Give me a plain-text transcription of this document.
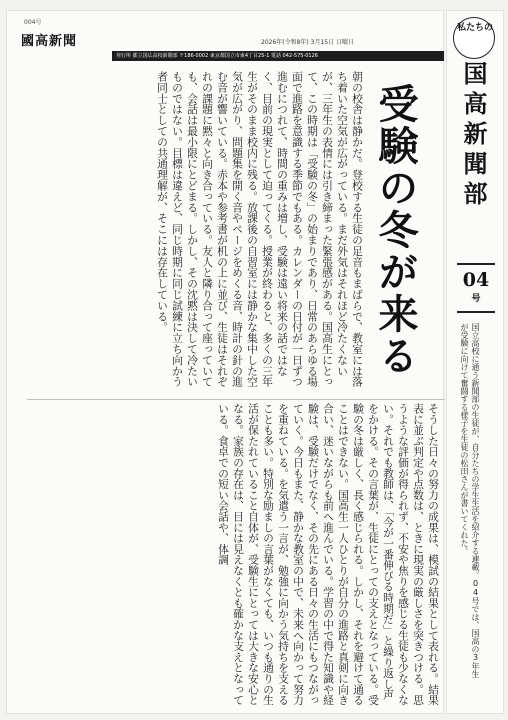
004号
國高新聞	2026年(令和8年) 3月15日 日曜日
発行所 都立国広高校新聞部 〒186-0002 東京都国立市東4丁目25-1 電話 042-575-0126
受験の冬が来る
朝の校舎は静かだ。登校する生徒の足音もまばらで、教室には落ち着いた空気が広がっている。まだ外気はそれほど冷たくないが、三年生の表情には引き締まった緊張感がある。国高生にとって、この時期は「受験の冬」の始まりであり、日常のあらゆる場面で進路を意識する季節でもある。カレンダーの日付が一日ずつ進むにつれて、時間の重みは増し、受験は遠い将来の話ではなく、目前の現実として迫ってくる。授業が終わると、多くの三年生がそのまま校内に残る。放課後の自習室には静かな集中した空気が広がり、問題集を開く音やページをめくる音、時計の針の進む音が響いている。赤本や参考書が机の上に並び、生徒はそれぞれの課題に黙々と向き合っている。友人と隣り合って座っていても、会話は最小限にとどまる。しかし、その沈黙は決して冷たいものではない。目標は違えど、同じ時期に同じ試練に立ち向かう者同士としての共通理解が、そこには存在している。
そうした日々の努力の成果は、模試の結果として表れる。結果表に並ぶ判定や点数は、ときに現実の厳しさを突きつける。思うような評価が得られず、不安や焦りを感じる生徒も少なくない。それでも教師は、「今が一番伸びる時期だ」と繰り返し声をかける。その言葉が、生徒にとっての支えとなっている。受験の冬は厳しく、長く感じられる。しかし、それを避けて通ることはできない。国高生一人ひとりが自分の進路と真剣に向き合い、迷いながらも前へ進んでいる。学習の中で得た知識や経験は、受験だけでなく、その先にある日々の生活にもつながっていく。今日もまた、静かな教室の中で、未来へ向かって努力を重ねている。を気遣う一言が、勉強に向かう気持ちを支えることも多い。特別な励ましの言葉がなくても、いつも通りの生活が保たれていること自体が、受験生にとっては大きな安心となる。家族の存在は、目には見えなくとも確かな支えとなっている。食卓での短い会話や、体調
私たちの
国高新聞部
04
号
国立高校に通う新聞部の生徒が、自分たちの学生生活を紹介する連載。04号では、国高の3年生が受験に向けて奮闘する様子を生徒の松田さんが書いてくれた。
